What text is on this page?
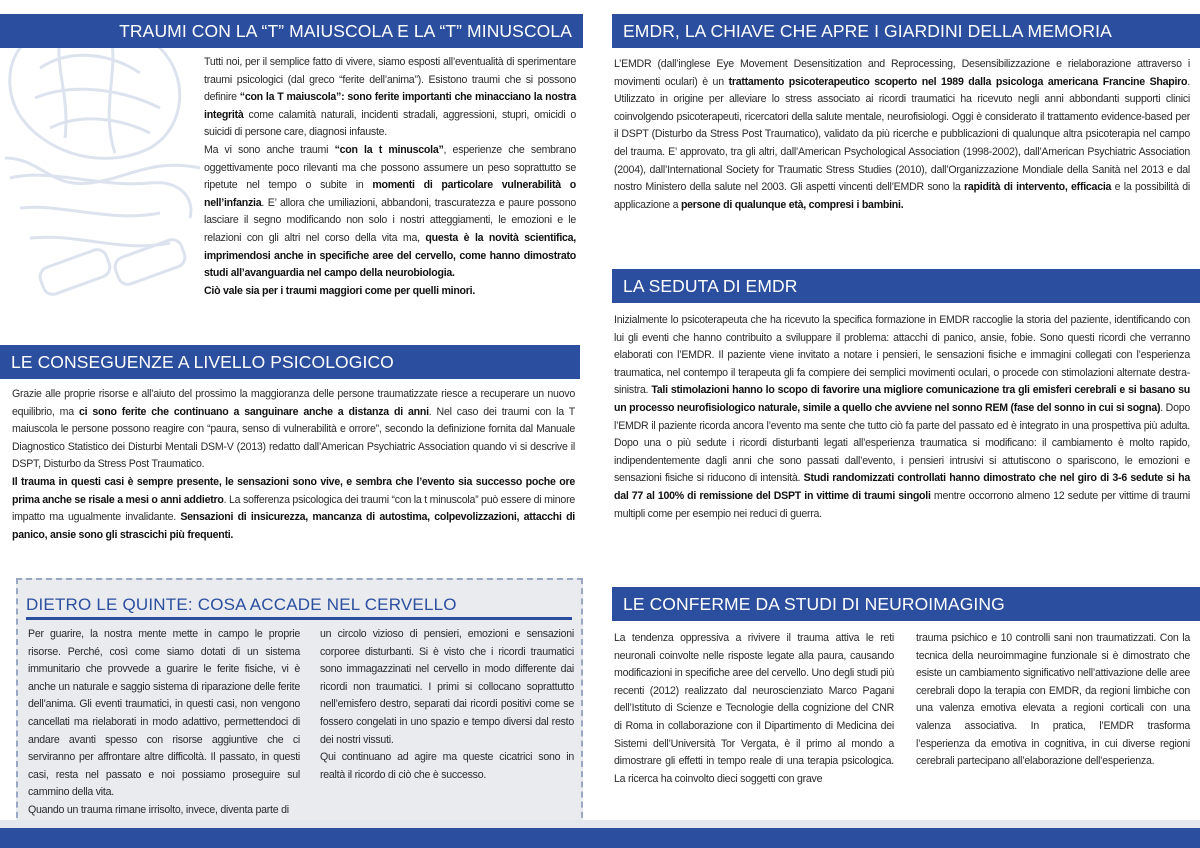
TRAUMI CON LA “T” MAIUSCOLA E LA “T” MINUSCOLA

Tutti noi, per il semplice fatto di vivere, siamo esposti all’eventualità di sperimentare traumi psicologici (dal greco “ferite dell’anima”). Esistono traumi che si possono definire “con la T maiuscola”: sono ferite importanti che minacciano la nostra integrità come calamità naturali, incidenti stradali, aggressioni, stupri, omicidi o suicidi di persone care, diagnosi infauste.

Ma vi sono anche traumi “con la t minuscola”, esperienze che sembrano oggettivamente poco rilevanti ma che possono assumere un peso soprattutto se ripetute nel tempo o subite in momenti di particolare vulnerabilità o nell’infanzia. E’ allora che umiliazioni, abbandoni, trascuratezza e paure possono lasciare il segno modificando non solo i nostri atteggiamenti, le emozioni e le relazioni con gli altri nel corso della vita ma, questa è la novità scientifica, imprimendosi anche in specifiche aree del cervello, come hanno dimostrato studi all’avanguardia nel campo della neurobiologia.

Ciò vale sia per i traumi maggiori come per quelli minori.

LE CONSEGUENZE A LIVELLO PSICOLOGICO

Grazie alle proprie risorse e all’aiuto del prossimo la maggioranza delle persone traumatizzate riesce a recuperare un nuovo equilibrio, ma ci sono ferite che continuano a sanguinare anche a distanza di anni. Nel caso dei traumi con la T maiuscola le persone possono reagire con “paura, senso di vulnerabilità e orrore”, secondo la definizione fornita dal Manuale Diagnostico Statistico dei Disturbi Mentali DSM-V (2013) redatto dall’American Psychiatric Association quando vi si descrive il DSPT, Disturbo da Stress Post Traumatico.

Il trauma in questi casi è sempre presente, le sensazioni sono vive, e sembra che l’evento sia successo poche ore prima anche se risale a mesi o anni addietro. La sofferenza psicologica dei traumi “con la t minuscola” può essere di minore impatto ma ugualmente invalidante. Sensazioni di insicurezza, mancanza di autostima, colpevolizzazioni, attacchi di panico, ansie sono gli strascichi più frequenti.

DIETRO LE QUINTE: COSA ACCADE NEL CERVELLO

Per guarire, la nostra mente mette in campo le proprie risorse. Perché, così come siamo dotati di un sistema immunitario che provvede a guarire le ferite fisiche, vi è anche un naturale e saggio sistema di riparazione delle ferite dell’anima. Gli eventi traumatici, in questi casi, non vengono cancellati ma rielaborati in modo adattivo, permettendoci di andare avanti spesso con risorse aggiuntive che ci serviranno per affrontare altre difficoltà. Il passato, in questi casi, resta nel passato e noi possiamo proseguire sul cammino della vita.

Quando un trauma rimane irrisolto, invece, diventa parte di

un circolo vizioso di pensieri, emozioni e sensazioni corporee disturbanti. Si è visto che i ricordi traumatici sono immagazzinati nel cervello in modo differente dai ricordi non traumatici. I primi si collocano soprattutto nell’emisfero destro, separati dai ricordi positivi come se fossero congelati in uno spazio e tempo diversi dal resto dei nostri vissuti.

Qui continuano ad agire ma queste cicatrici sono in realtà il ricordo di ciò che è successo.

EMDR, LA CHIAVE CHE APRE I GIARDINI DELLA MEMORIA

L’EMDR (dall’inglese Eye Movement Desensitization and Reprocessing, Desensibilizzazione e rielaborazione attraverso i movimenti oculari) è un trattamento psicoterapeutico scoperto nel 1989 dalla psicologa americana Francine Shapiro. Utilizzato in origine per alleviare lo stress associato ai ricordi traumatici ha ricevuto negli anni abbondanti supporti clinici coinvolgendo psicoterapeuti, ricercatori della salute mentale, neurofisiologi. Oggi è considerato il trattamento evidence-based per il DSPT (Disturbo da Stress Post Traumatico), validato da più ricerche e pubblicazioni di qualunque altra psicoterapia nel campo del trauma. E’ approvato, tra gli altri, dall’American Psychological Association (1998-2002), dall’American Psychiatric Association (2004), dall’International Society for Traumatic Stress Studies (2010), dall’Organizzazione Mondiale della Sanità nel 2013 e dal nostro Ministero della salute nel 2003. Gli aspetti vincenti dell’EMDR sono la rapidità di intervento, efficacia e la possibilità di applicazione a persone di qualunque età, compresi i bambini.

LA SEDUTA DI EMDR

Inizialmente lo psicoterapeuta che ha ricevuto la specifica formazione in EMDR raccoglie la storia del paziente, identificando con lui gli eventi che hanno contribuito a sviluppare il problema: attacchi di panico, ansie, fobie. Sono questi ricordi che verranno elaborati con l’EMDR. Il paziente viene invitato a notare i pensieri, le sensazioni fisiche e immagini collegati con l’esperienza traumatica, nel contempo il terapeuta gli fa compiere dei semplici movimenti oculari, o procede con stimolazioni alternate destra-sinistra. Tali stimolazioni hanno lo scopo di favorire una migliore comunicazione tra gli emisferi cerebrali e si basano su un processo neurofisiologico naturale, simile a quello che avviene nel sonno REM (fase del sonno in cui si sogna). Dopo l’EMDR il paziente ricorda ancora l’evento ma sente che tutto ciò fa parte del passato ed è integrato in una prospettiva più adulta. Dopo una o più sedute i ricordi disturbanti legati all’esperienza traumatica si modificano: il cambiamento è molto rapido, indipendentemente dagli anni che sono passati dall’evento, i pensieri intrusivi si attutiscono o spariscono, le emozioni e sensazioni fisiche si riducono di intensità. Studi randomizzati controllati hanno dimostrato che nel giro di 3-6 sedute si ha dal 77 al 100% di remissione del DSPT in vittime di traumi singoli mentre occorrono almeno 12 sedute per vittime di traumi multipli come per esempio nei reduci di guerra.

LE CONFERME DA STUDI DI NEUROIMAGING

La tendenza oppressiva a rivivere il trauma attiva le reti neuronali coinvolte nelle risposte legate alla paura, causando modificazioni in specifiche aree del cervello. Uno degli studi più recenti (2012) realizzato dal neuroscienziato Marco Pagani dell’Istituto di Scienze e Tecnologie della cognizione del CNR di Roma in collaborazione con il Dipartimento di Medicina dei Sistemi dell’Università Tor Vergata, è il primo al mondo a dimostrare gli effetti in tempo reale di una terapia psicologica. La ricerca ha coinvolto dieci soggetti con grave

trauma psichico e 10 controlli sani non traumatizzati. Con la tecnica della neuroimmagine funzionale si è dimostrato che esiste un cambiamento significativo nell’attivazione delle aree cerebrali dopo la terapia con EMDR, da regioni limbiche con una valenza emotiva elevata a regioni corticali con una valenza associativa. In pratica, l’EMDR trasforma l’esperienza da emotiva in cognitiva, in cui diverse regioni cerebrali partecipano all’elaborazione dell’esperienza.
